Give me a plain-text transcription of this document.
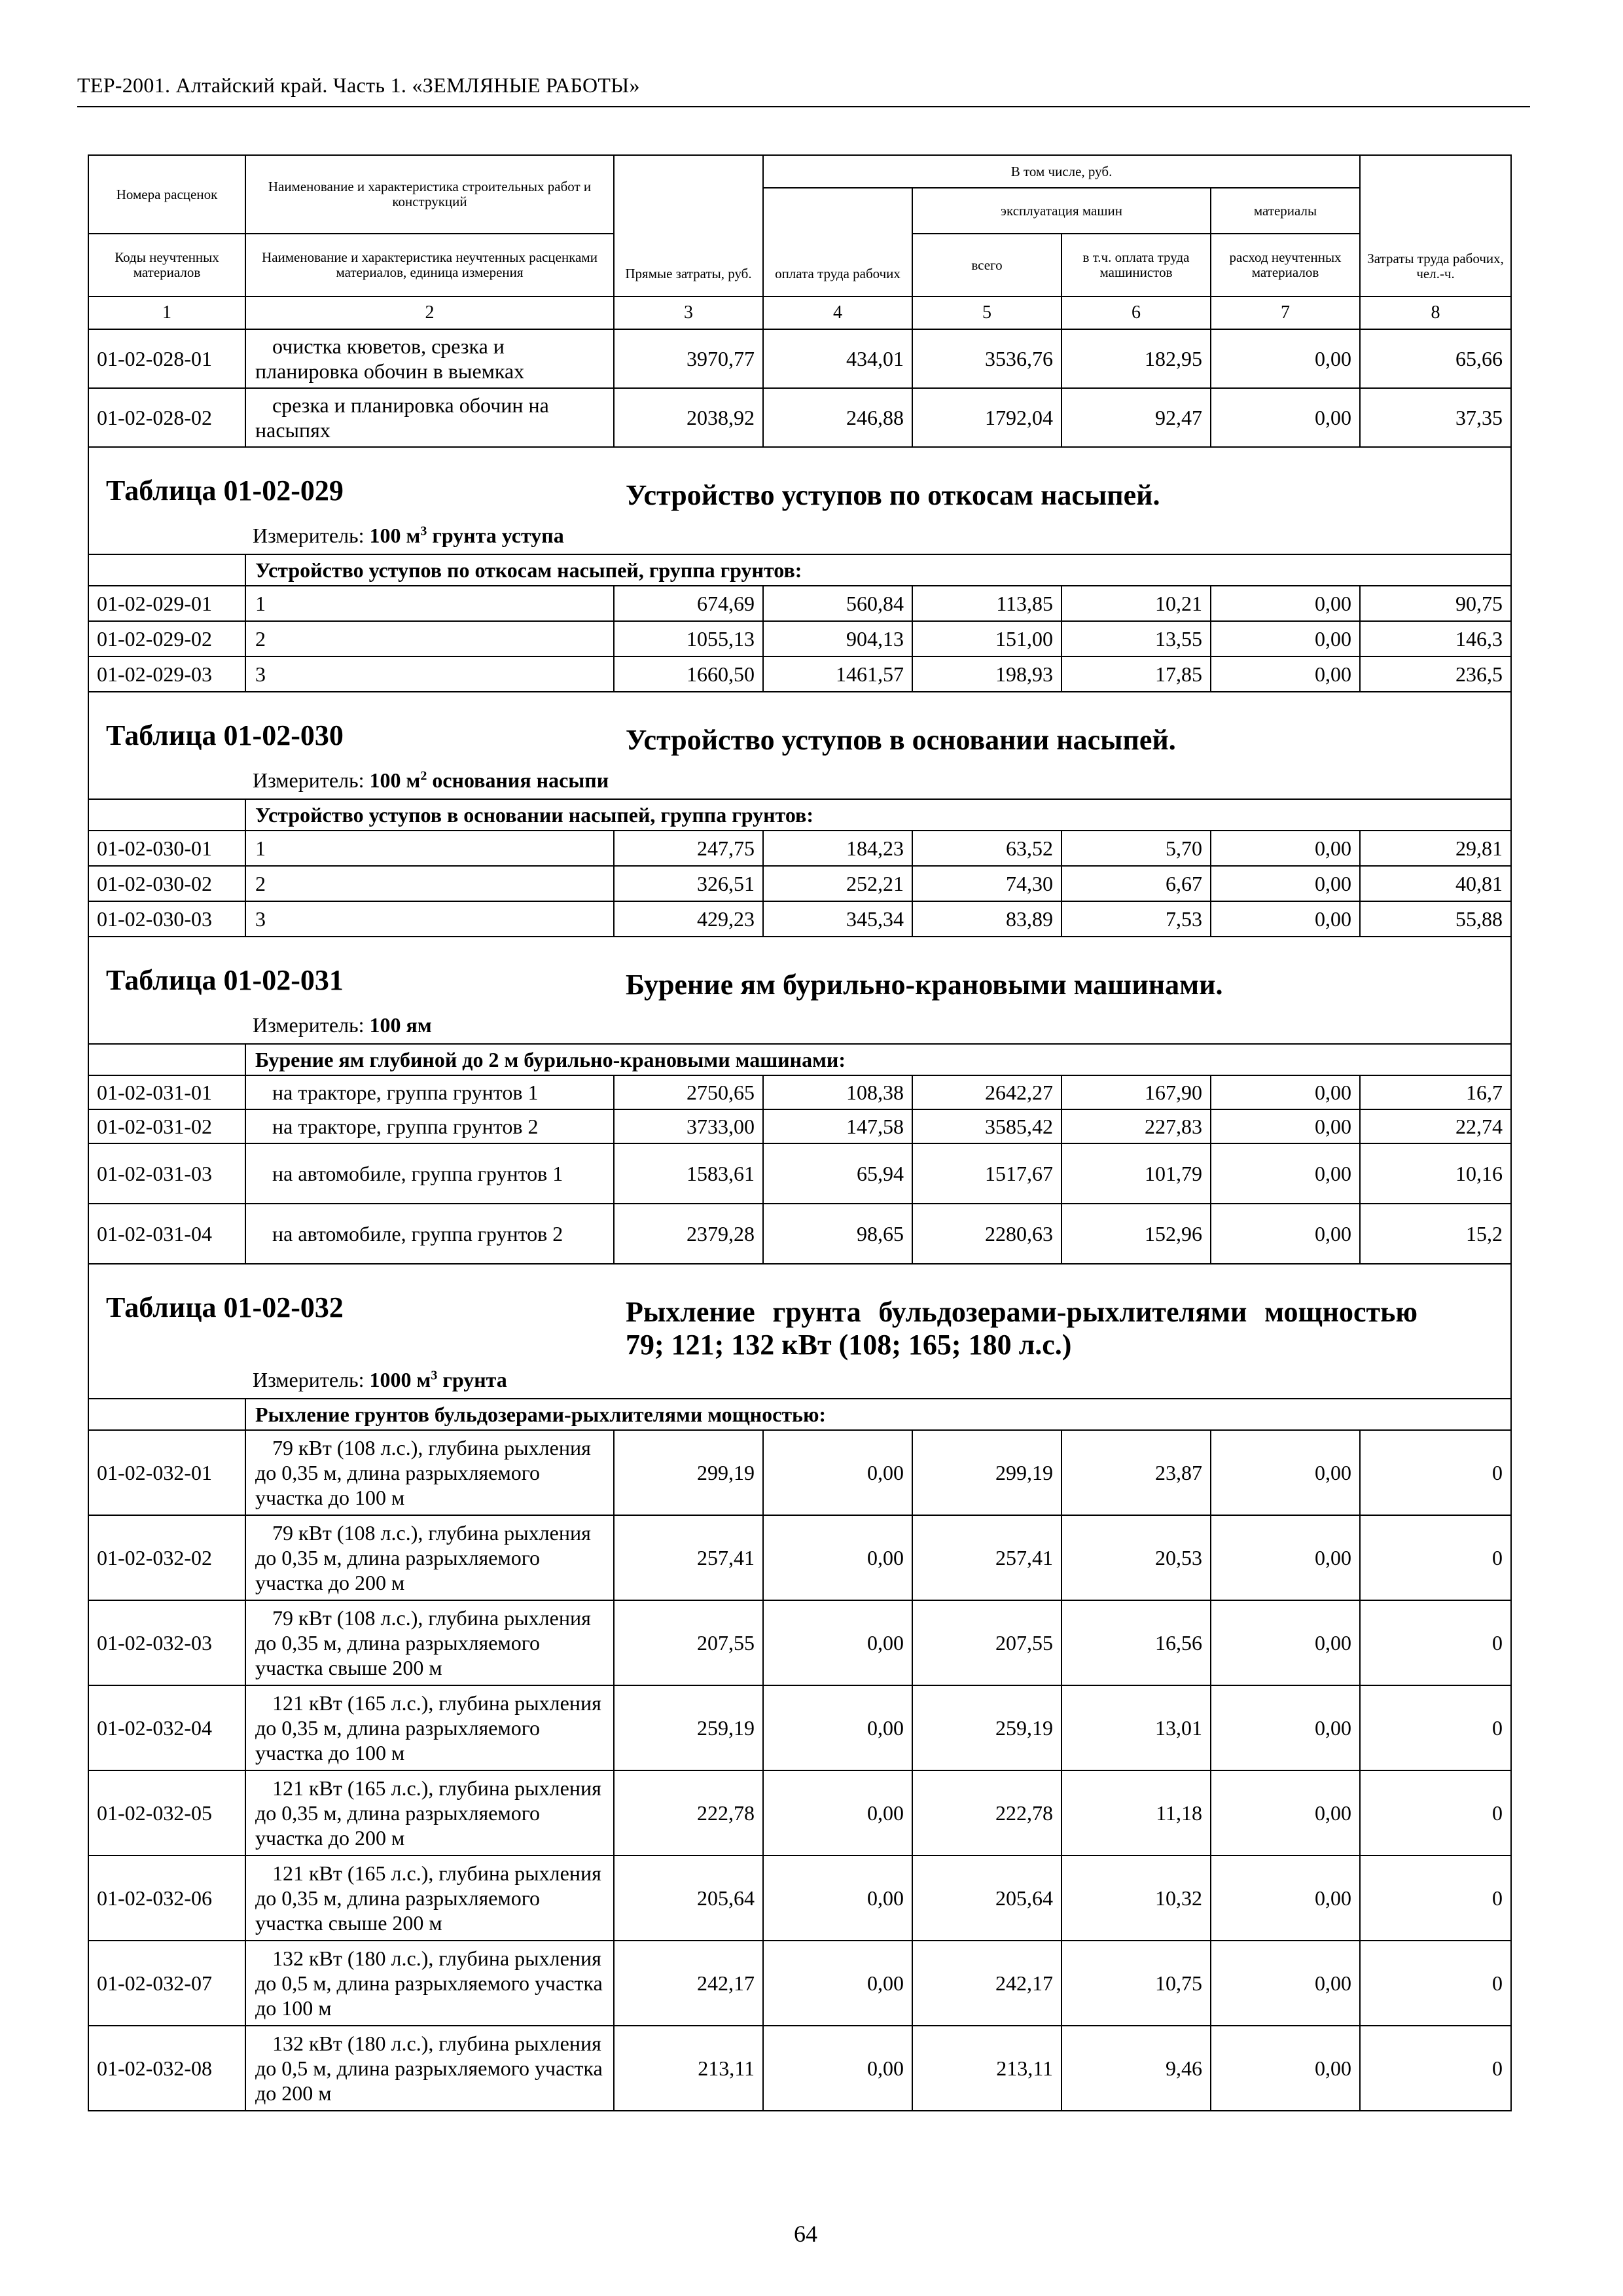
ТЕР-2001. Алтайский край. Часть 1. «ЗЕМЛЯНЫЕ РАБОТЫ»
Номера расценок	Наименование и характеристика строительных работ и конструкций	Прямые затраты, руб.	В том числе, руб.				Затраты труда рабочих, чел.-ч.
			оплата труда рабочих	эксплуатация машин		материалы	
Коды неучтенных материалов	Наименование и характеристика неучтенных расценками материалов, единица измерения			всего	в т.ч. оплата труда машинистов	расход неучтенных материалов	
1	2	3	4	5	6	7	8
01-02-028-01	очистка кюветов, срезка и планировка обочин в выемках	3970,77	434,01	3536,76	182,95	0,00	65,66
01-02-028-02	срезка и планировка обочин на насыпях	2038,92	246,88	1792,04	92,47	0,00	37,35

Таблица 01-02-029 Устройство уступов по откосам насыпей.
Измеритель: 100 $м^3$ грунта уступа							

	Устройство уступов по откосам насыпей, группа грунтов:						
01-02-029-01	1	674,69	560,84	113,85	10,21	0,00	90,75
01-02-029-02	2	1055,13	904,13	151,00	13,55	0,00	146,3
01-02-029-03	3	1660,50	1461,57	198,93	17,85	0,00	236,5

Таблица 01-02-030 Устройство уступов в основании насыпей.
Измеритель: 100 $м^2$ основания насыпи							

	Устройство уступов в основании насыпей, группа грунтов:						
01-02-030-01	1	247,75	184,23	63,52	5,70	0,00	29,81
01-02-030-02	2	326,51	252,21	74,30	6,67	0,00	40,81
01-02-030-03	3	429,23	345,34	83,89	7,53	0,00	55,88

Таблица 01-02-031 Бурение ям бурильно-крановыми машинами.
Измеритель: 100 ям							

	Бурение ям глубиной до 2 м бурильно-крановыми машинами:						
01-02-031-01	на тракторе, группа грунтов 1	2750,65	108,38	2642,27	167,90	0,00	16,7
01-02-031-02	на тракторе, группа грунтов 2	3733,00	147,58	3585,42	227,83	0,00	22,74
01-02-031-03	на автомобиле, группа грунтов 1	1583,61	65,94	1517,67	101,79	0,00	10,16
01-02-031-04	на автомобиле, группа грунтов 2	2379,28	98,65	2280,63	152,96	0,00	15,2

Таблица 01-02-032 Рыхление грунта бульдозерами-рыхлителями мощностью 79; 121; 132 кВт (108; 165; 180 л.с.)
Измеритель: 1000 $м^3$ грунта							

	Рыхление грунтов бульдозерами-рыхлителями мощностью:						
01-02-032-01	79 кВт (108 л.с.), глубина рыхления до 0,35 м, длина разрыхляемого участка до 100 м	299,19	0,00	299,19	23,87	0,00	0
01-02-032-02	79 кВт (108 л.с.), глубина рыхления до 0,35 м, длина разрыхляемого участка до 200 м	257,41	0,00	257,41	20,53	0,00	0
01-02-032-03	79 кВт (108 л.с.), глубина рыхления до 0,35 м, длина разрыхляемого участка свыше 200 м	207,55	0,00	207,55	16,56	0,00	0
01-02-032-04	121 кВт (165 л.с.), глубина рыхления до 0,35 м, длина разрыхляемого участка до 100 м	259,19	0,00	259,19	13,01	0,00	0
01-02-032-05	121 кВт (165 л.с.), глубина рыхления до 0,35 м, длина разрыхляемого участка до 200 м	222,78	0,00	222,78	11,18	0,00	0
01-02-032-06	121 кВт (165 л.с.), глубина рыхления до 0,35 м, длина разрыхляемого участка свыше 200 м	205,64	0,00	205,64	10,32	0,00	0
01-02-032-07	132 кВт (180 л.с.), глубина рыхления до 0,5 м, длина разрыхляемого участка до 100 м	242,17	0,00	242,17	10,75	0,00	0
01-02-032-08	132 кВт (180 л.с.), глубина рыхления до 0,5 м, длина разрыхляемого участка до 200 м	213,11	0,00	213,11	9,46	0,00	0
64
